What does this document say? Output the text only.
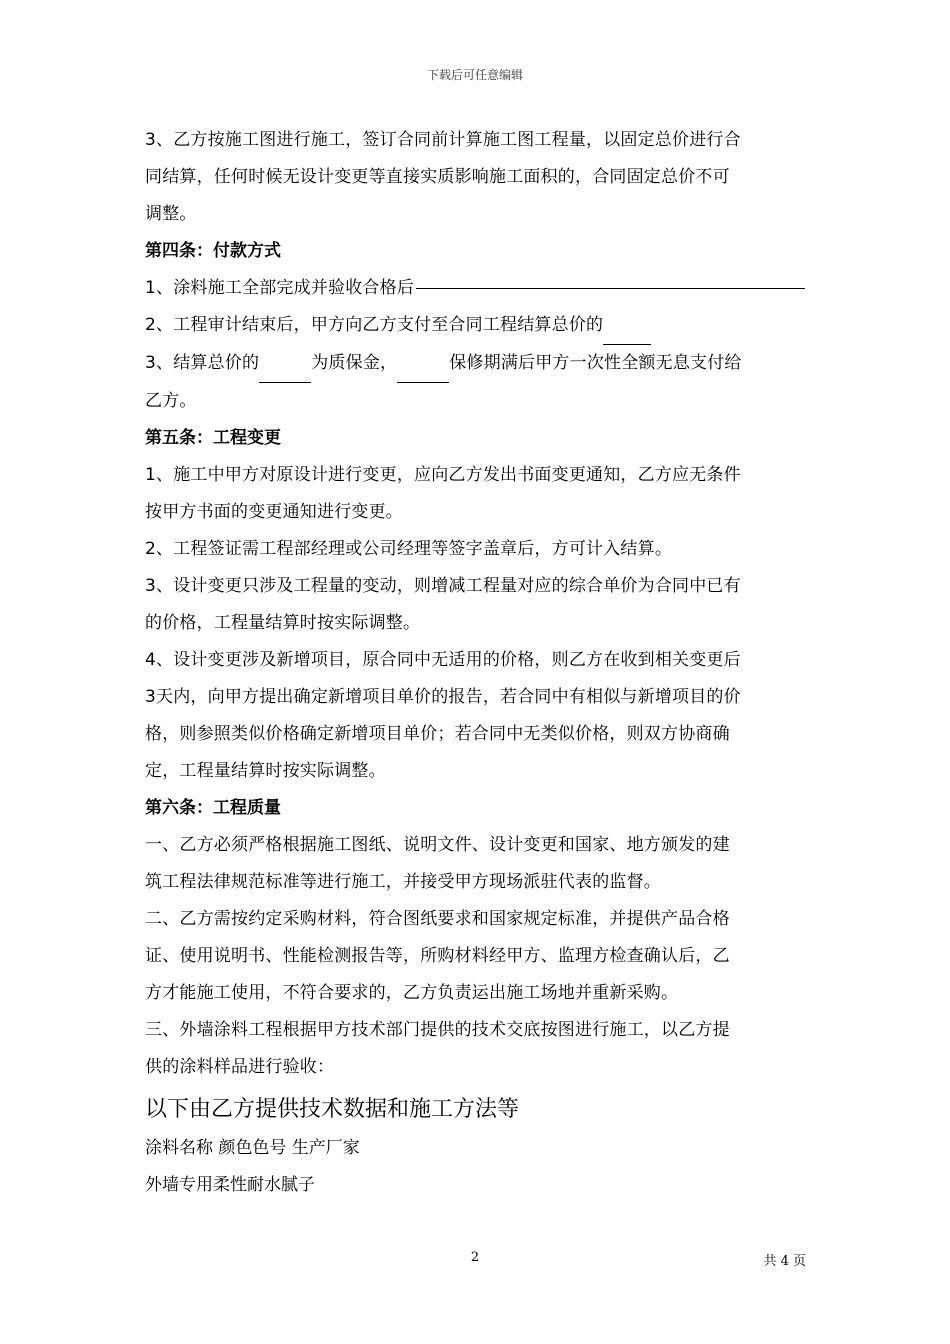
下载后可任意编辑

3、乙方按施工图进行施工，签订合同前计算施工图工程量，以固定总价进行合
同结算，任何时候无设计变更等直接实质影响施工面积的，合同固定总价不可
调整。

第四条：付款方式

1、涂料施工全部完成并验收合格后
2、工程审计结束后，甲方向乙方支付至合同工程结算总价的

3、结算总价的	为质保金，	保修期满后甲方一次性全额无息支付给
乙方。

第五条：工程变更

1、施工中甲方对原设计进行变更，应向乙方发出书面变更通知，乙方应无条件
按甲方书面的变更通知进行变更。

2、工程签证需工程部经理或公司经理等签字盖章后，方可计入结算。

3、设计变更只涉及工程量的变动，则增减工程量对应的综合单价为合同中已有
的价格，工程量结算时按实际调整。

4、设计变更涉及新增项目，原合同中无适用的价格，则乙方在收到相关变更后
3天内，向甲方提出确定新增项目单价的报告，若合同中有相似与新增项目的价
格，则参照类似价格确定新增项目单价；若合同中无类似价格，则双方协商确
定，工程量结算时按实际调整。

第六条：工程质量

一、乙方必须严格根据施工图纸、说明文件、设计变更和国家、地方颁发的建
筑工程法律规范标准等进行施工，并接受甲方现场派驻代表的监督。

二、乙方需按约定采购材料，符合图纸要求和国家规定标准，并提供产品合格
证、使用说明书、性能检测报告等，所购材料经甲方、监理方检查确认后，乙
方才能施工使用，不符合要求的，乙方负责运出施工场地并重新采购。

三、外墙涂料工程根据甲方技术部门提供的技术交底按图进行施工，以乙方提
供的涂料样品进行验收：

以下由乙方提供技术数据和施工方法等

涂料名称 颜色色号 生产厂家

外墙专用柔性耐水腻子

2	共 4 页
